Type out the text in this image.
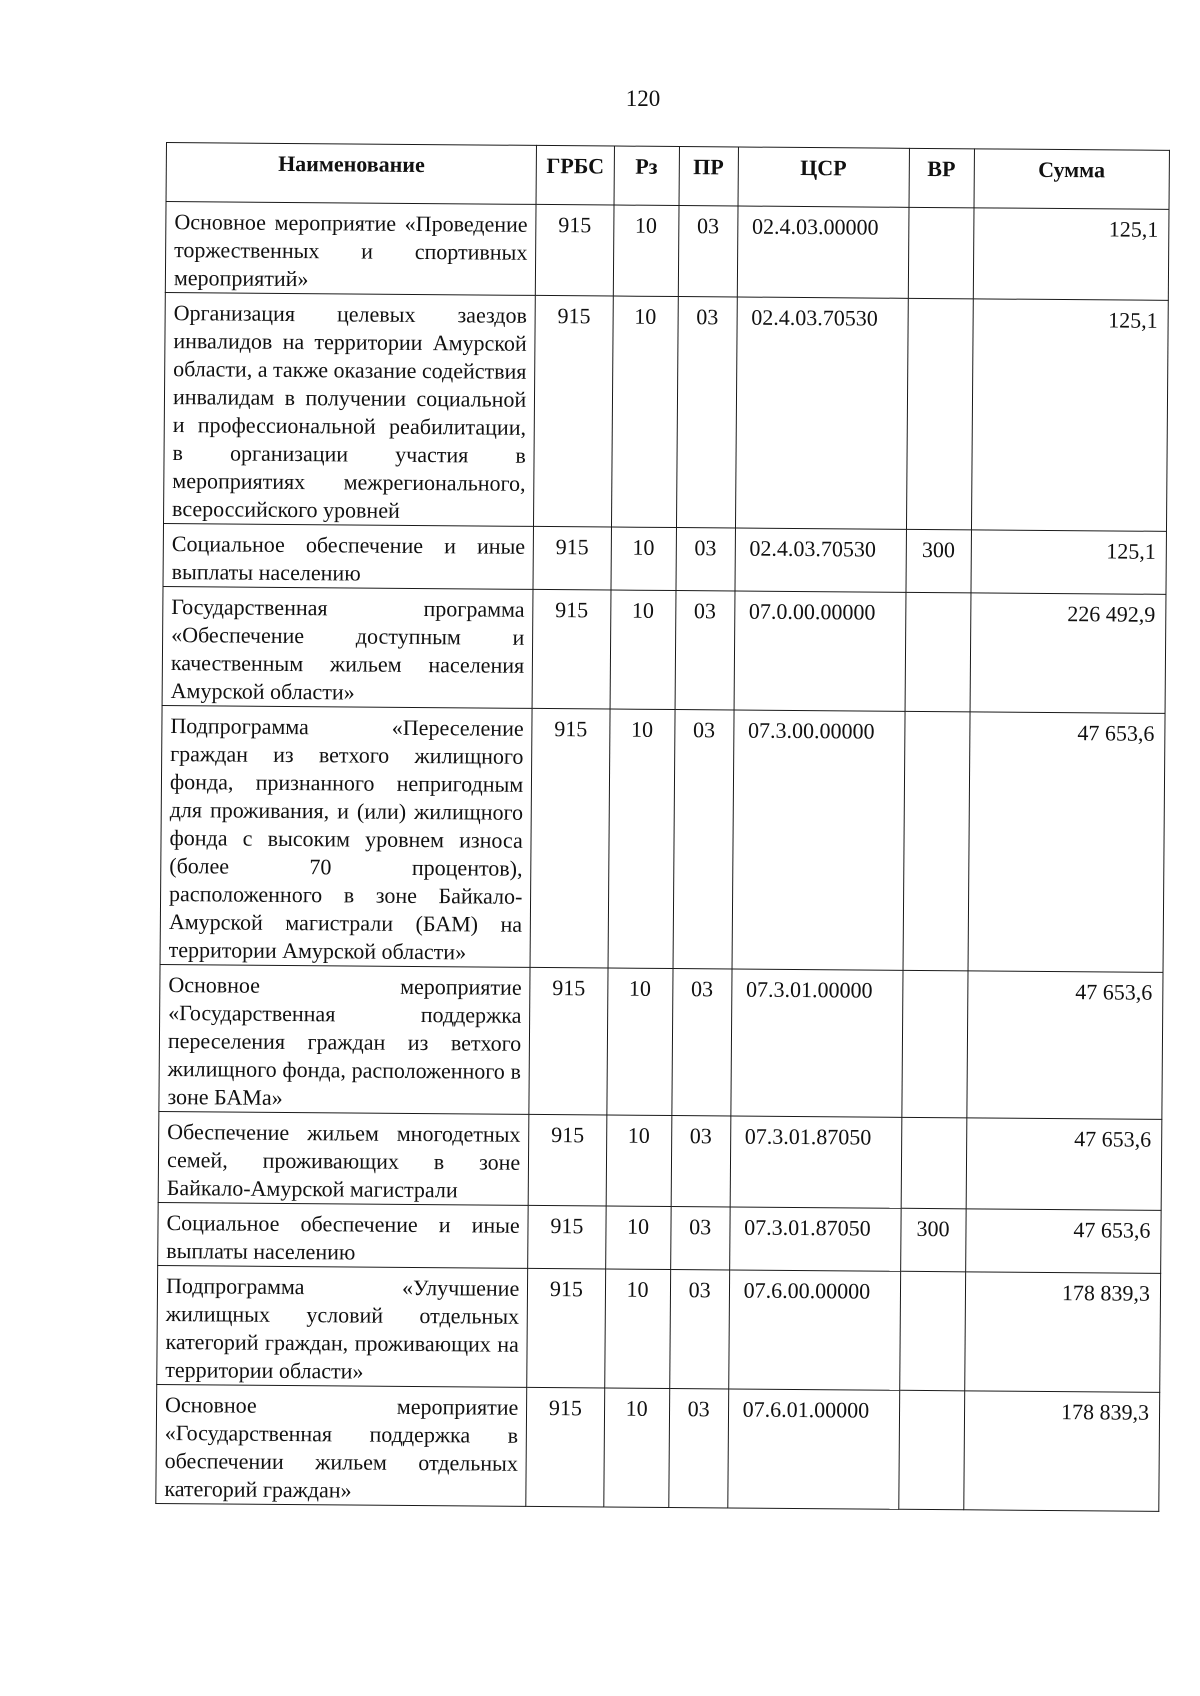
120
Наименование	ГРБС	Рз	ПР	ЦСР	ВР	Сумма
Основное мероприятие «Проведение торжественных и спортивных мероприятий»	915	10	03	02.4.03.00000		125,1
Организация целевых заездов инвалидов на территории Амурской области, а также оказание содействия инвалидам в получении социальной и профессиональной реабилитации, в организации участия в мероприятиях межрегионального, всероссийского уровней	915	10	03	02.4.03.70530		125,1
Социальное обеспечение и иные выплаты населению	915	10	03	02.4.03.70530	300	125,1
Государственная программа «Обеспечение доступным и качественным жильем населения Амурской области»	915	10	03	07.0.00.00000		226 492,9
Подпрограмма «Переселение граждан из ветхого жилищного фонда, признанного непригодным для проживания, и (или) жилищного фонда с высоким уровнем износа (более 70 процентов), расположенного в зоне Байкало-Амурской магистрали (БАМ) на территории Амурской области»	915	10	03	07.3.00.00000		47 653,6
Основное мероприятие «Государственная поддержка переселения граждан из ветхого жилищного фонда, расположенного в зоне БАМа»	915	10	03	07.3.01.00000		47 653,6
Обеспечение жильем многодетных семей, проживающих в зоне Байкало-Амурской магистрали	915	10	03	07.3.01.87050		47 653,6
Социальное обеспечение и иные выплаты населению	915	10	03	07.3.01.87050	300	47 653,6
Подпрограмма «Улучшение жилищных условий отдельных категорий граждан, проживающих на территории области»	915	10	03	07.6.00.00000		178 839,3
Основное мероприятие «Государственная поддержка в обеспечении жильем отдельных категорий граждан»	915	10	03	07.6.01.00000		178 839,3
